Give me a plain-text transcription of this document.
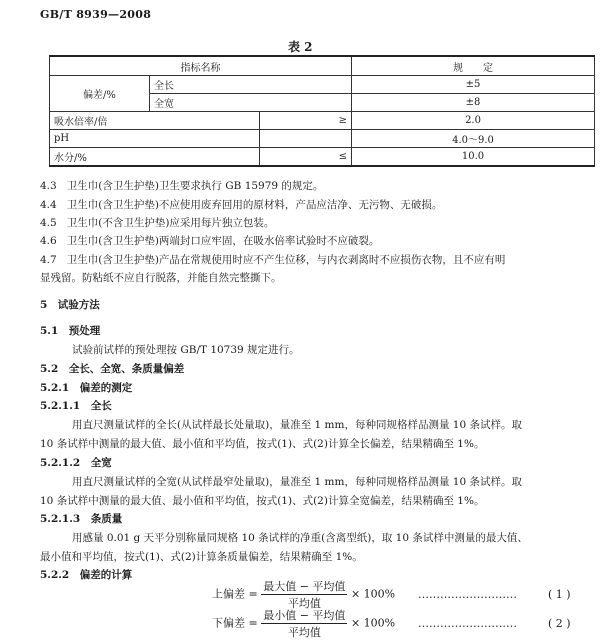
GB/T 8939—2008
表 2
指标名称			规　　定
偏差/%	全长		±5
	全宽		±8
吸水倍率/倍		≥	2.0
pH			4.0～9.0
水分/%		≤	10.0
4.3 卫生巾(含卫生护垫)卫生要求执行 GB 15979 的规定。
4.4 卫生巾(含卫生护垫)不应使用废弃回用的原材料，产品应洁净、无污物、无破损。
4.5 卫生巾(不含卫生护垫)应采用每片独立包装。
4.6 卫生巾(含卫生护垫)两端封口应牢固，在吸水倍率试验时不应破裂。
4.7 卫生巾(含卫生护垫)产品在常规使用时应不产生位移，与内衣剥离时不应损伤衣物，且不应有明
显残留。防粘纸不应自行脱落，并能自然完整撕下。
5　试验方法
5.1　预处理
试验前试样的预处理按 GB/T 10739 规定进行。
5.2　全长、全宽、条质量偏差
5.2.1　偏差的测定
5.2.1.1　全长
用直尺测量试样的全长(从试样最长处量取)，量准至 1 mm，每种同规格样品测量 10 条试样。取
10 条试样中测量的最大值、最小值和平均值，按式(1)、式(2)计算全长偏差，结果精确至 1%。
5.2.1.2　全宽
用直尺测量试样的全宽(从试样最窄处量取)，量准至 1 mm，每种同规格样品测量 10 条试样。取
10 条试样中测量的最大值、最小值和平均值，按式(1)、式(2)计算全宽偏差，结果精确至 1%。
5.2.1.3　条质量
用感量 0.01 g 天平分别称量同规格 10 条试样的净重(含离型纸)，取 10 条试样中测量的最大值、
最小值和平均值，按式(1)、式(2)计算条质量偏差，结果精确至 1%。
5.2.2　偏差的计算
上偏差 = $\frac{\text{最大值 − 平均值}}{\text{平均值}} \times 100\%$ ………………………	( 1 )
下偏差 = $\frac{\text{最小值 − 平均值}}{\text{平均值}} \times 100\%$ ………………………	( 2 )
